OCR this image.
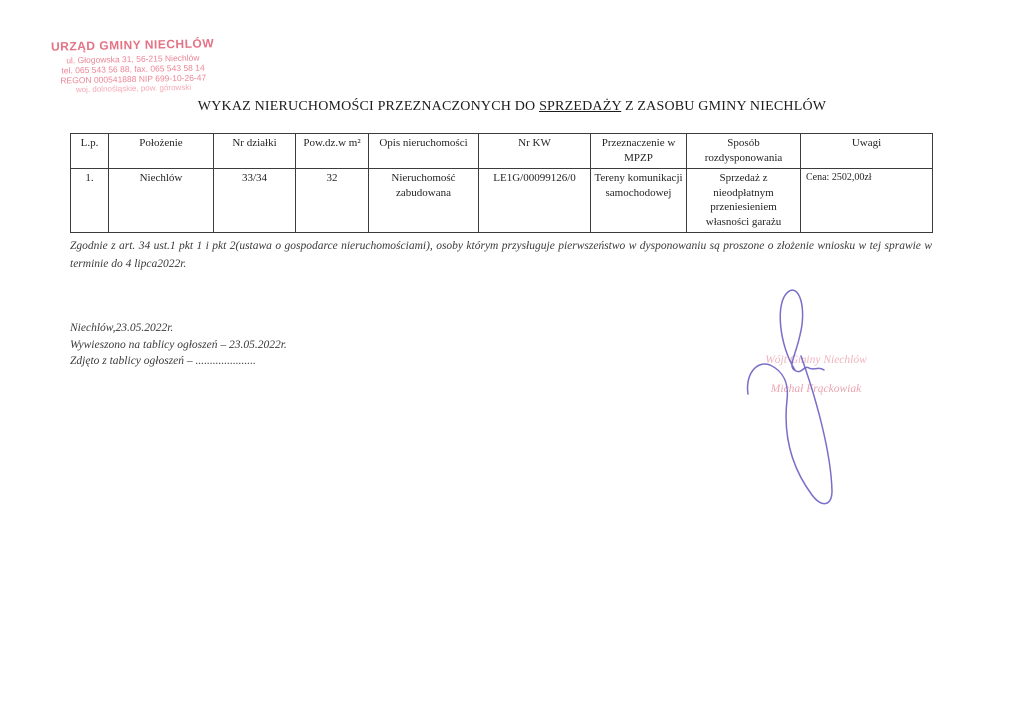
URZĄD GMINY NIECHLÓW
ul. Głogowska 31, 56-215 Niechlów
tel. 065 543 56 88, fax. 065 543 58 14
REGON 000541888 NIP 699-10-26-47
woj. dolnośląskie, pow. górowski
WYKAZ NIERUCHOMOŚCI PRZEZNACZONYCH DO SPRZEDAŻY Z ZASOBU GMINY NIECHLÓW
L.p.	Położenie	Nr działki	Pow.dz.w m²	Opis nieruchomości	Nr KW	Przeznaczenie w MPZP	Sposób rozdysponowania	Uwagi
1.	Niechlów	33/34	32	Nieruchomość zabudowana	LE1G/00099126/0	Tereny komunikacji samochodowej	Sprzedaż z nieodpłatnym przeniesieniem własności garażu	Cena: 2502,00zł
Zgodnie z art. 34 ust.1 pkt 1 i pkt 2(ustawa o gospodarce nieruchomościami), osoby którym przysługuje pierwszeństwo w dysponowaniu są proszone o złożenie wniosku w tej sprawie w terminie do 4 lipca2022r.
Niechlów,23.05.2022r.
Wywieszono na tablicy ogłoszeń – 23.05.2022r.
Zdjęto z tablicy ogłoszeń – .....................	Wójt Gminy Niechlów
Michał Frąckowiak
